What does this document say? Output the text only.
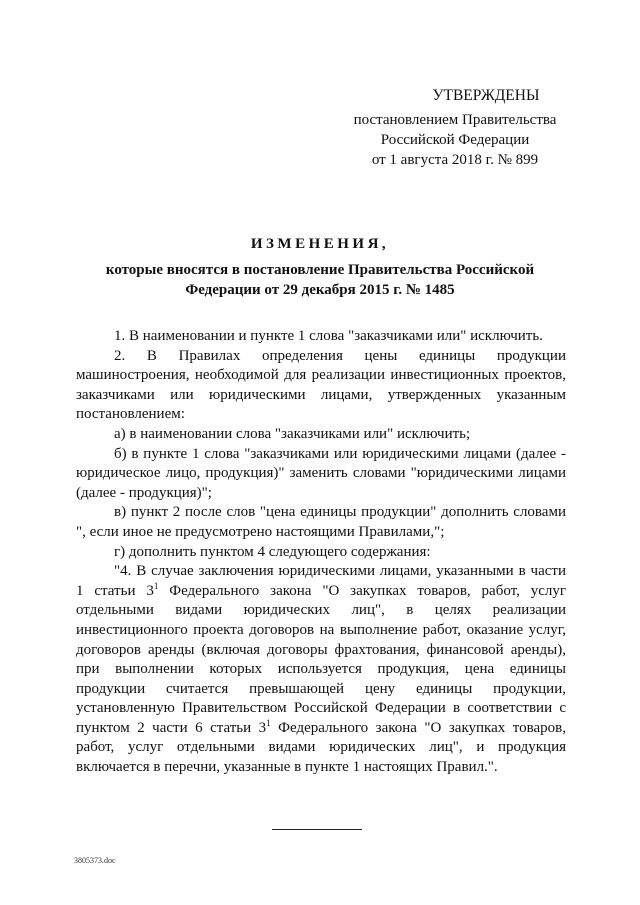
УТВЕРЖДЕНЫ
постановлением Правительства
Российской Федерации
от 1 августа 2018 г. № 899
ИЗМЕНЕНИЯ,
которые вносятся в постановление Правительства Российской Федерации от 29 декабря 2015 г. № 1485

1. В наименовании и пункте 1 слова "заказчиками или" исключить.

2. В Правилах определения цены единицы продукции машиностроения, необходимой для реализации инвестиционных проектов, заказчиками или юридическими лицами, утвержденных указанным постановлением:

а) в наименовании слова "заказчиками или" исключить;

б) в пункте 1 слова "заказчиками или юридическими лицами (далее - юридическое лицо, продукция)" заменить словами "юридическими лицами (далее - продукция)";

в) пункт 2 после слов "цена единицы продукции" дополнить словами ", если иное не предусмотрено настоящими Правилами,";

г) дополнить пунктом 4 следующего содержания:

"4. В случае заключения юридическими лицами, указанными в части 1 статьи $3^1$ Федерального закона "О закупках товаров, работ, услуг отдельными видами юридических лиц", в целях реализации инвестиционного проекта договоров на выполнение работ, оказание услуг, договоров аренды (включая договоры фрахтования, финансовой аренды), при выполнении которых используется продукция, цена единицы продукции считается превышающей цену единицы продукции, установленную Правительством Российской Федерации в соответствии с пунктом 2 части 6 статьи $3^1$ Федерального закона "О закупках товаров, работ, услуг отдельными видами юридических лиц", и продукция включается в перечни, указанные в пункте 1 настоящих Правил.".

3805373.doc
